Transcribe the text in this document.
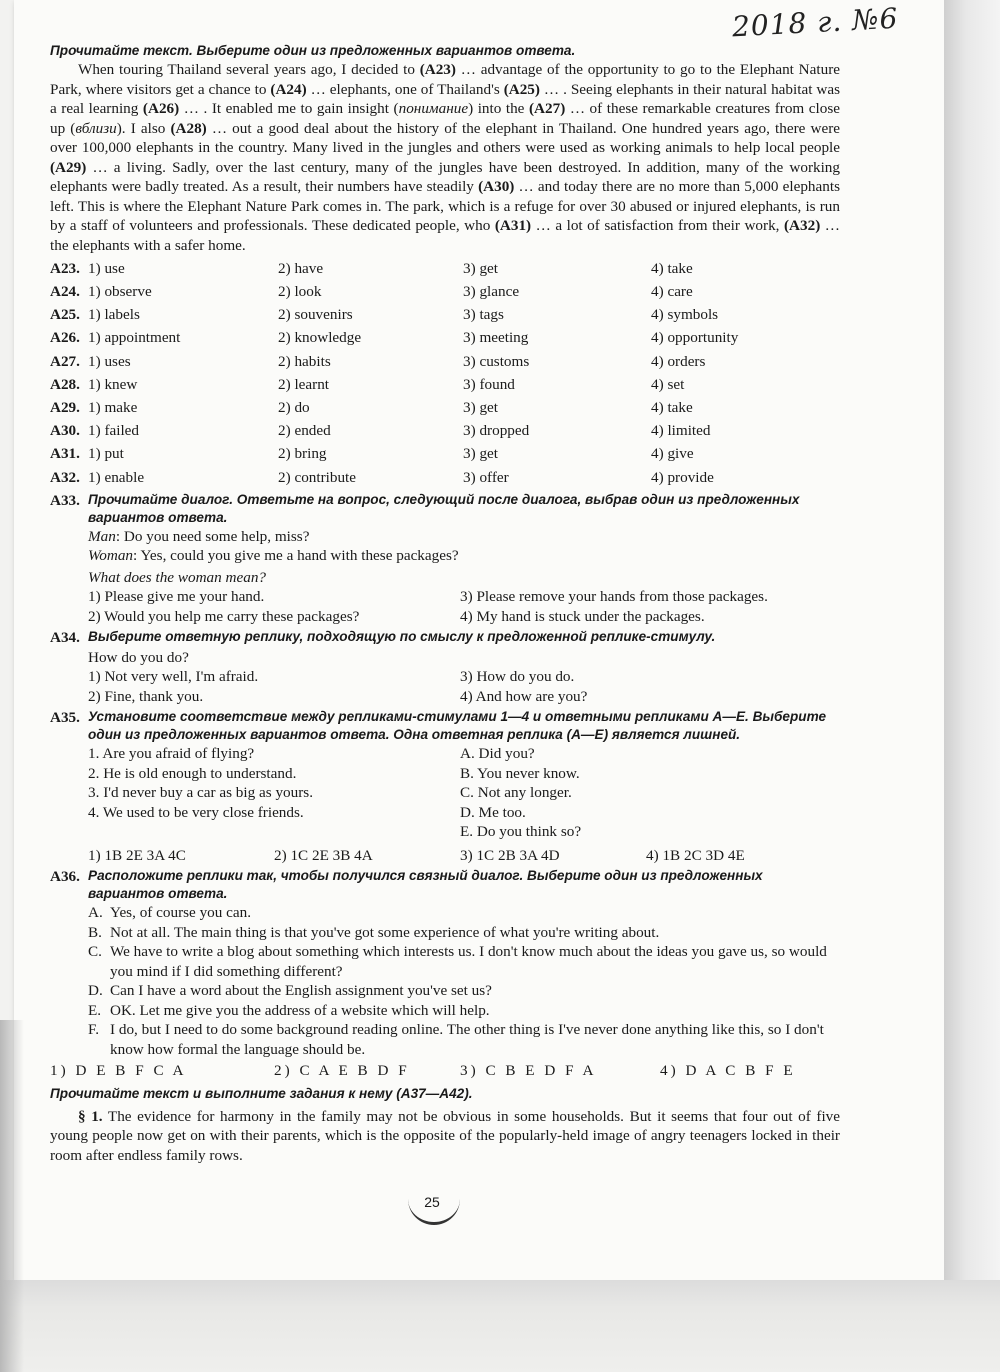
2018 г. №6

Прочитайте текст. Выберите один из предложенных вариантов ответа.

When touring Thailand several years ago, I decided to (A23) … advantage of the opportunity to go to the Elephant Nature Park, where visitors get a chance to (A24) … elephants, one of Thailand's (A25) … . Seeing elephants in their natural habitat was a real learning (A26) … . It enabled me to gain insight (понимание) into the (A27) … of these remarkable creatures from close up (вблизи). I also (A28) … out a good deal about the history of the elephant in Thailand. One hundred years ago, there were over 100,000 elephants in the country. Many lived in the jungles and others were used as working animals to help local people (A29) … a living. Sadly, over the last century, many of the jungles have been destroyed. In addition, many of the working elephants were badly treated. As a result, their numbers have steadily (A30) … and today there are no more than 5,000 elephants left. This is where the Elephant Nature Park comes in. The park, which is a refuge for over 30 abused or injured elephants, is run by a staff of volunteers and professionals. These dedicated people, who (A31) … a lot of satisfaction from their work, (A32) … the elephants with a safer home.

A23.	1) use	2) have	3) get	4) take
A24.	1) observe	2) look	3) glance	4) care
A25.	1) labels	2) souvenirs	3) tags	4) symbols
A26.	1) appointment	2) knowledge	3) meeting	4) opportunity
A27.	1) uses	2) habits	3) customs	4) orders
A28.	1) knew	2) learnt	3) found	4) set
A29.	1) make	2) do	3) get	4) take
A30.	1) failed	2) ended	3) dropped	4) limited
A31.	1) put	2) bring	3) get	4) give
A32.	1) enable	2) contribute	3) offer	4) provide
A33. Прочитайте диалог. Ответьте на вопрос, следующий после диалога, выбрав один из предложенных вариантов ответа.

Man: Do you need some help, miss?

Woman: Yes, could you give me a hand with these packages?

What does the woman mean?

1) Please give me your hand.	3) Please remove your hands from those packages.
2) Would you help me carry these packages?	4) My hand is stuck under the packages.
A34. Выберите ответную реплику, подходящую по смыслу к предложенной реплике-стимулу.

How do you do?

1) Not very well, I'm afraid.	3) How do you do.
2) Fine, thank you.	4) And how are you?
A35. Установите соответствие между репликами-стимулами 1—4 и ответными репликами А—Е. Выберите один из предложенных вариантов ответа. Одна ответная реплика (А—Е) является лишней.

1. Are you afraid of flying?

2. He is old enough to understand.

3. I'd never buy a car as big as yours.

4. We used to be very close friends.

A. Did you?

B. You never know.

C. Not any longer.

D. Me too.

E. Do you think so?

1) 1B 2E 3A 4C	2) 1C 2E 3B 4A	3) 1C 2B 3A 4D	4) 1B 2C 3D 4E
A36. Расположите реплики так, чтобы получился связный диалог. Выберите один из предложенных вариантов ответа.
A. Yes, of course you can.
B. Not at all. The main thing is that you've got some experience of what you're writing about.
C. We have to write a blog about something which interests us. I don't know much about the ideas you gave us, so would you mind if I did something different?
D. Can I have a word about the English assignment you've set us?
E. OK. Let me give you the address of a website which will help.
F. I do, but I need to do some background reading online. The other thing is I've never done anything like this, so I don't know how formal the language should be.
1) D E B F C A	2) C A E B D F	3) C B E D F A	4) D A C B F E

Прочитайте текст и выполните задания к нему (А37—А42).

§ 1. The evidence for harmony in the family may not be obvious in some households. But it seems that four out of five young people now get on with their parents, which is the opposite of the popularly-held image of angry teenagers locked in their room after endless family rows.

25
